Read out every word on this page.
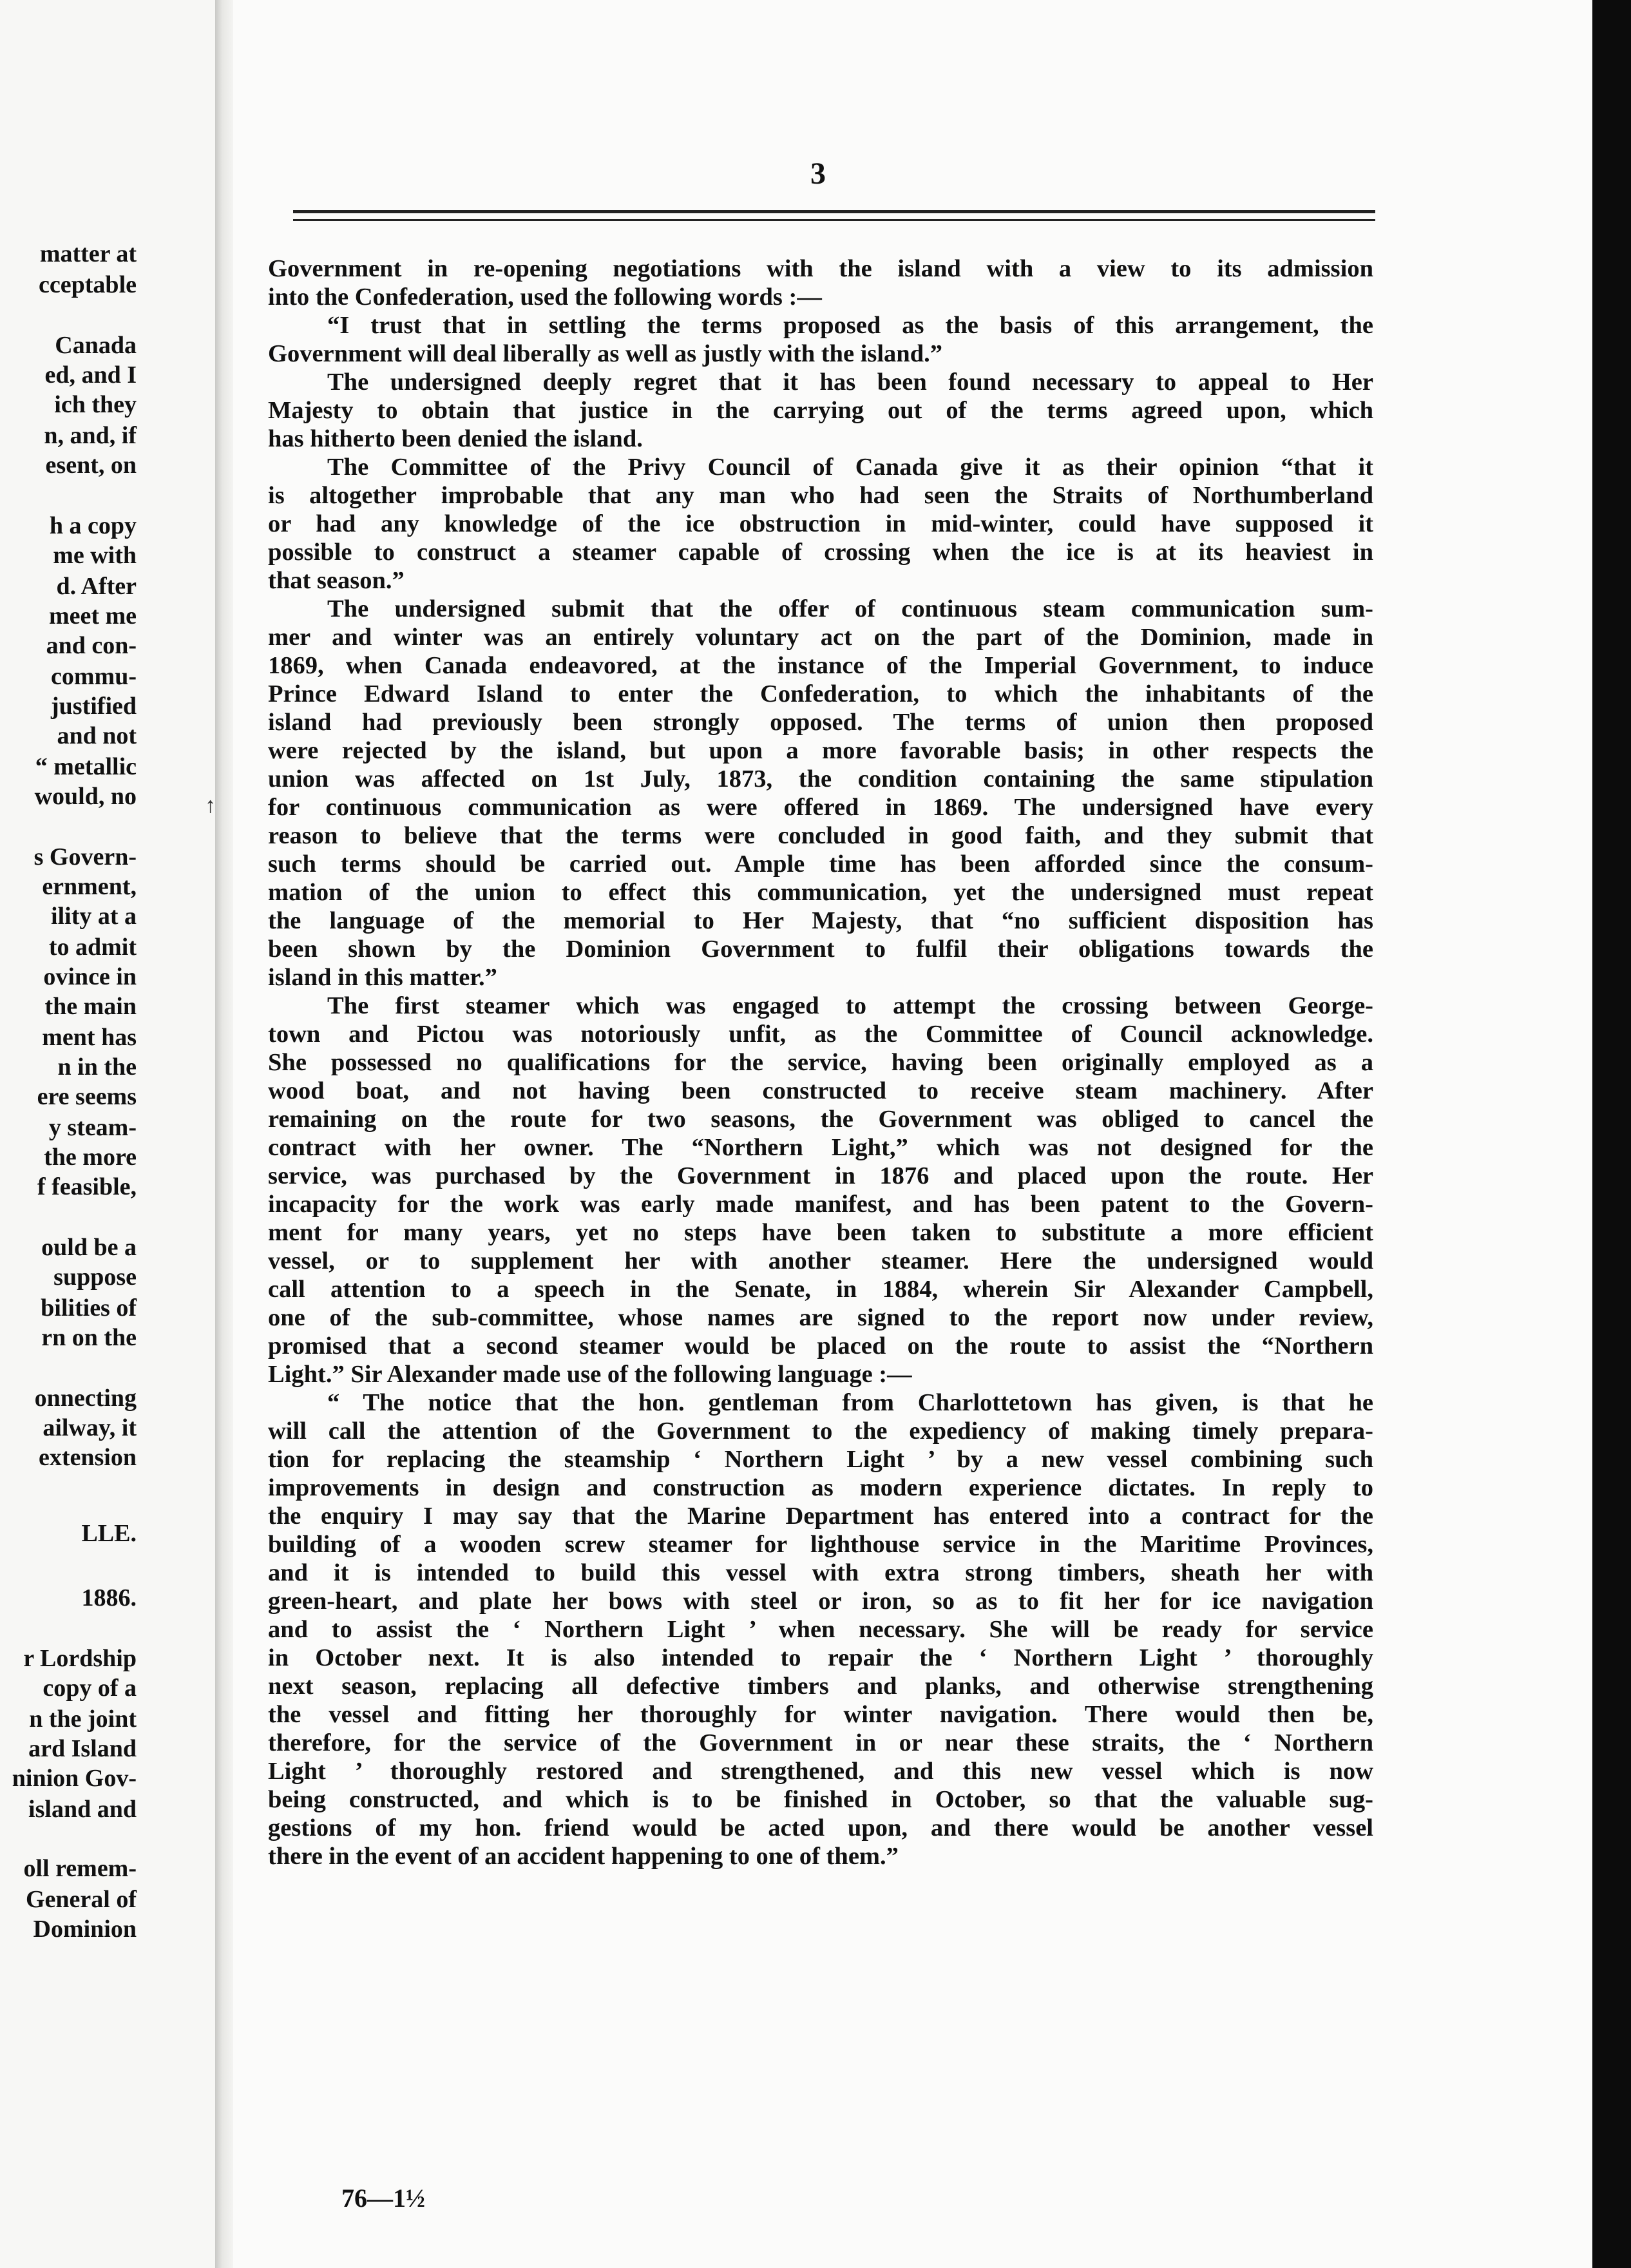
matter at
cceptable
Canada
ed, and I
ich they
n, and, if
esent, on
h a copy
me with
d. After
meet me
and con-
commu-
justified
and not
“ metallic
would, no
s Govern-
ernment,
ility at a
to admit
ovince in
the main
ment has
n in the
ere seems
y steam-
the more
f feasible,
ould be a
suppose
bilities of
rn on the
onnecting
ailway, it
extension
LLE.
1886.
r Lordship
copy of a
n the joint
ard Island
ninion Gov-
island and
oll remem-
General of
Dominion
3
Government in re-opening negotiations with the island with a view to its admission
into the Confederation, used the following words :—
“I trust that in settling the terms proposed as the basis of this arrangement, the
Government will deal liberally as well as justly with the island.”
The undersigned deeply regret that it has been found necessary to appeal to Her
Majesty to obtain that justice in the carrying out of the terms agreed upon, which
has hitherto been denied the island.
The Committee of the Privy Council of Canada give it as their opinion “that it
is altogether improbable that any man who had seen the Straits of Northumberland
or had any knowledge of the ice obstruction in mid-winter, could have supposed it
possible to construct a steamer capable of crossing when the ice is at its heaviest in
that season.”
The undersigned submit that the offer of continuous steam communication sum-
mer and winter was an entirely voluntary act on the part of the Dominion, made in
1869, when Canada endeavored, at the instance of the Imperial Government, to induce
Prince Edward Island to enter the Confederation, to which the inhabitants of the
island had previously been strongly opposed. The terms of union then proposed
were rejected by the island, but upon a more favorable basis; in other respects the
union was affected on 1st July, 1873, the condition containing the same stipulation
for continuous communication as were offered in 1869. The undersigned have every
reason to believe that the terms were concluded in good faith, and they submit that
such terms should be carried out. Ample time has been afforded since the consum-
mation of the union to effect this communication, yet the undersigned must repeat
the language of the memorial to Her Majesty, that “no sufficient disposition has
been shown by the Dominion Government to fulfil their obligations towards the
island in this matter.”
The first steamer which was engaged to attempt the crossing between George-
town and Pictou was notoriously unfit, as the Committee of Council acknowledge.
She possessed no qualifications for the service, having been originally employed as a
wood boat, and not having been constructed to receive steam machinery. After
remaining on the route for two seasons, the Government was obliged to cancel the
contract with her owner. The “Northern Light,” which was not designed for the
service, was purchased by the Government in 1876 and placed upon the route. Her
incapacity for the work was early made manifest, and has been patent to the Govern-
ment for many years, yet no steps have been taken to substitute a more efficient
vessel, or to supplement her with another steamer. Here the undersigned would
call attention to a speech in the Senate, in 1884, wherein Sir Alexander Campbell,
one of the sub-committee, whose names are signed to the report now under review,
promised that a second steamer would be placed on the route to assist the “Northern
Light.” Sir Alexander made use of the following language :—
“ The notice that the hon. gentleman from Charlottetown has given, is that he
will call the attention of the Government to the expediency of making timely prepara-
tion for replacing the steamship ‘ Northern Light ’ by a new vessel combining such
improvements in design and construction as modern experience dictates. In reply to
the enquiry I may say that the Marine Department has entered into a contract for the
building of a wooden screw steamer for lighthouse service in the Maritime Provinces,
and it is intended to build this vessel with extra strong timbers, sheath her with
green-heart, and plate her bows with steel or iron, so as to fit her for ice navigation
and to assist the ‘ Northern Light ’ when necessary. She will be ready for service
in October next. It is also intended to repair the ‘ Northern Light ’ thoroughly
next season, replacing all defective timbers and planks, and otherwise strengthening
the vessel and fitting her thoroughly for winter navigation. There would then be,
therefore, for the service of the Government in or near these straits, the ‘ Northern
Light ’ thoroughly restored and strengthened, and this new vessel which is now
being constructed, and which is to be finished in October, so that the valuable sug-
gestions of my hon. friend would be acted upon, and there would be another vessel
there in the event of an accident happening to one of them.”
76—1½
↑
